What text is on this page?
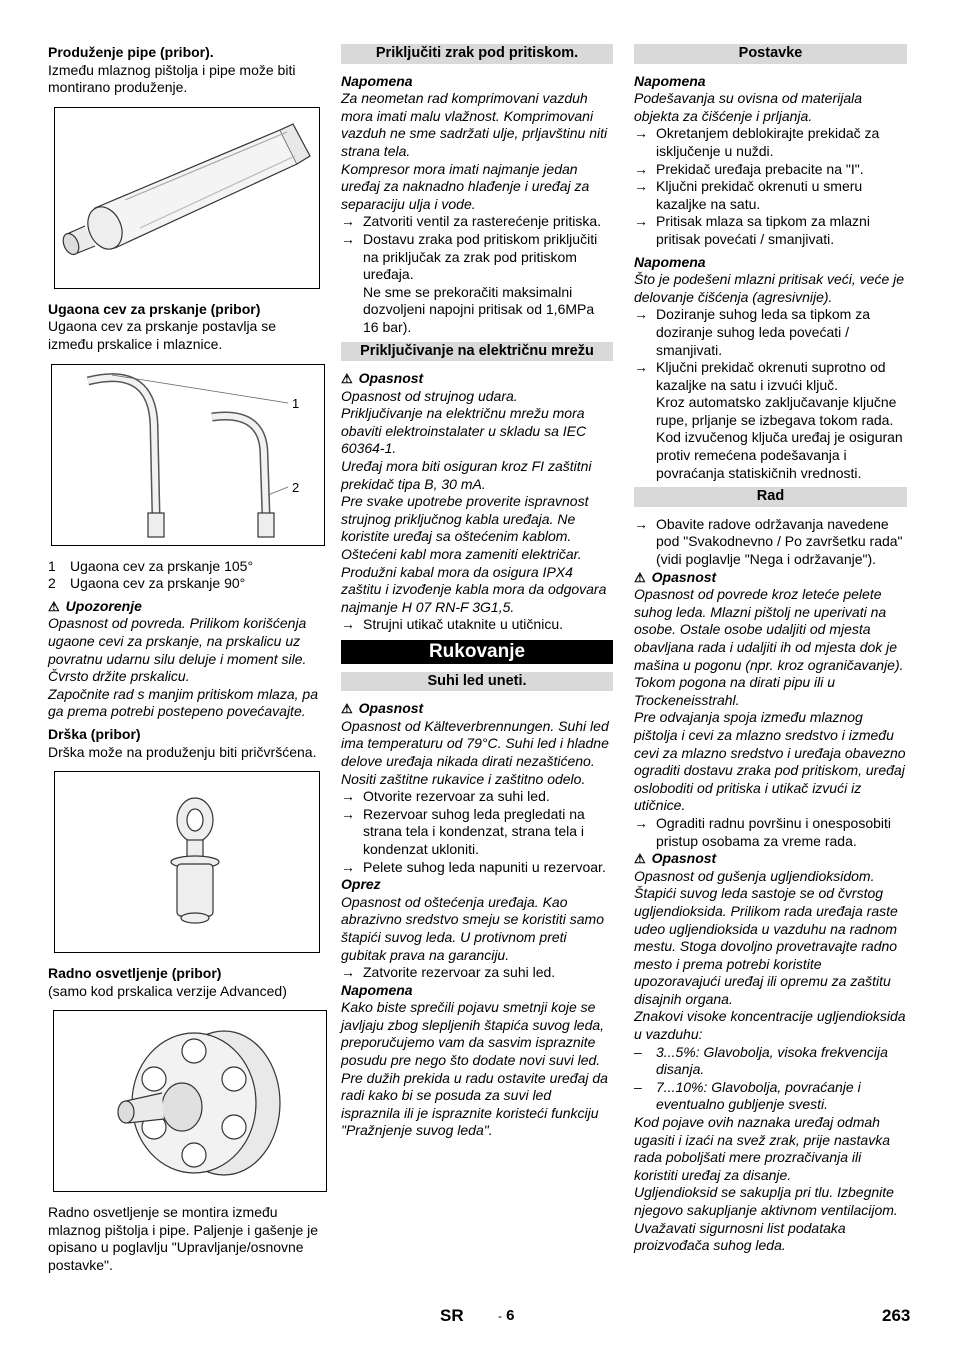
Produženje pipe (pribor).

Između mlaznog pištolja i pipe može biti montirano produženje.

Ugaona cev za prskanje (pribor)

Ugaona cev za prskanje postavlja se između prskalice i mlaznice.

1
2
1	Ugaona cev za prskanje 105°
2	Ugaona cev za prskanje 90°
⚠ Upozorenje

Opasnost od povreda. Prilikom korišćenja ugaone cevi za prskanje, na prskalicu uz povratnu udarnu silu deluje i moment sile. Čvrsto držite prskalicu.

Započnite rad s manjim pritiskom mlaza, pa ga prema potrebi postepeno povećavajte.

Drška (pribor)

Drška može na produženju biti pričvršćena.

Radno osvetljenje (pribor)

(samo kod prskalica verzije Advanced)

Radno osvetljenje se montira između mlaznog pištolja i pipe. Paljenje i gašenje je opisano u poglavlju "Upravljanje/osnovne postavke".

Priključiti zrak pod pritiskom.

Napomena

Za neometan rad komprimovani vazduh mora imati malu vlažnost. Komprimovani vazduh ne sme sadržati ulje, prljavštinu niti strana tela.

Kompresor mora imati najmanje jedan uređaj za naknadno hlađenje i uređaj za separaciju ulja i vode.

→ Zatvoriti ventil za rasterećenje pritiska.
→ Dostavu zraka pod pritiskom priključiti na priključak za zrak pod pritiskom uređaja.

Ne sme se prekoračiti maksimalni dozvoljeni napojni pritisak od 1,6MPa 16 bar).

Priključivanje na električnu mrežu
⚠ Opasnost

Opasnost od strujnog udara.

Priključivanje na električnu mrežu mora obaviti elektroinstalater u skladu sa IEC 60364-1.

Uređaj mora biti osiguran kroz FI zaštitni prekidač tipa B, 30 mA.

Pre svake upotrebe proverite ispravnost strujnog priključnog kabla uređaja. Ne koristite uređaj sa oštećenim kablom. Oštećeni kabl mora zameniti električar.

Produžni kabal mora da osigura IPX4 zaštitu i izvođenje kabla mora da odgovara najmanje H 07 RN-F 3G1,5.

→ Strujni utikač utaknite u utičnicu.
Rukovanje
Suhi led uneti.
⚠ Opasnost

Opasnost od Kälteverbrennungen. Suhi led ima temperaturu od 79°C. Suhi led i hladne delove uređaja nikada dirati nezaštićeno. Nositi zaštitne rukavice i zaštitno odelo.

→ Otvorite rezervoar za suhi led.
→ Rezervoar suhog leda pregledati na strana tela i kondenzat, strana tela i kondenzat ukloniti.
→ Pelete suhog leda napuniti u rezervoar.

Oprez

Opasnost od oštećenja uređaja. Kao abrazivno sredstvo smeju se koristiti samo štapići suvog leda. U protivnom preti gubitak prava na garanciju.

→ Zatvorite rezervoar za suhi led.

Napomena

Kako biste sprečili pojavu smetnji koje se javljaju zbog slepljenih štapića suvog leda, preporučujemo vam da sasvim ispraznite posudu pre nego što dodate novi suvi led. Pre dužih prekida u radu ostavite uređaj da radi kako bi se posuda za suvi led ispraznila ili je ispraznite koristeći funkciju "Pražnjenje suvog leda".

Postavke

Napomena

Podešavanja su ovisna od materijala objekta za čišćenje i prljanja.

→ Okretanjem deblokirajte prekidač za isključenje u nuždi.
→ Prekidač uređaja prebacite na "I".
→ Ključni prekidač okrenuti u smeru kazaljke na satu.
→ Pritisak mlaza sa tipkom za mlazni pritisak povećati / smanjivati.

Napomena

Što je podešeni mlazni pritisak veći, veće je delovanje čišćenja (agresivnije).

→ Doziranje suhog leda sa tipkom za doziranje suhog leda povećati / smanjivati.
→ Ključni prekidač okrenuti suprotno od kazaljke na satu i izvući ključ.

Kroz automatsko zaključavanje ključne rupe, prljanje se izbegava tokom rada. Kod izvučenog ključa uređaj je osiguran protiv remećena podešavanja i povraćanja statiskičnih vrednosti.

Rad
→ Obavite radove održavanja navedene pod "Svakodnevno / Po završetku rada" (vidi poglavlje "Nega i održavanje").
⚠ Opasnost

Opasnost od povrede kroz leteće pelete suhog leda. Mlazni pištolj ne uperivati na osobe. Ostale osobe udaljiti od mjesta obavljana rada i udaljiti ih od mjesta dok je mašina u pogonu (npr. kroz ograničavanje).

Tokom pogona na dirati pipu ili u Trockeneisstrahl.

Pre odvajanja spoja između mlaznog pištolja i cevi za mlazno sredstvo i između cevi za mlazno sredstvo i uređaja obavezno ograditi dostavu zraka pod pritiskom, uređaj osloboditi od pritiska i utikač izvući iz utičnice.

→ Ograditi radnu površinu i onesposobiti pristup osobama za vreme rada.
⚠ Opasnost

Opasnost od gušenja ugljendioksidom. Štapići suvog leda sastoje se od čvrstog ugljendioksida. Prilikom rada uređaja raste udeo ugljendioksida u vazduhu na radnom mestu. Stoga dovoljno provetravajte radno mesto i prema potrebi koristite upozoravajući uređaj ili opremu za zaštitu disajnih organa.

Znakovi visoke koncentracije ugljendioksida u vazduhu:

–	3...5%: Glavobolja, visoka frekvencija disanja.
–	7...10%: Glavobolja, povraćanje i eventualno gubljenje svesti.

Kod pojave ovih naznaka uređaj odmah ugasiti i izaći na svež zrak, prije nastavka rada poboljšati mere prozračivanja ili koristiti uređaj za disanje.

Ugljendioksid se sakuplja pri tlu. Izbegnite njegovo sakupljanje aktivnom ventilacijom. Uvažavati sigurnosni list podataka proizvođača suhog leda.

SR	- 6	263
